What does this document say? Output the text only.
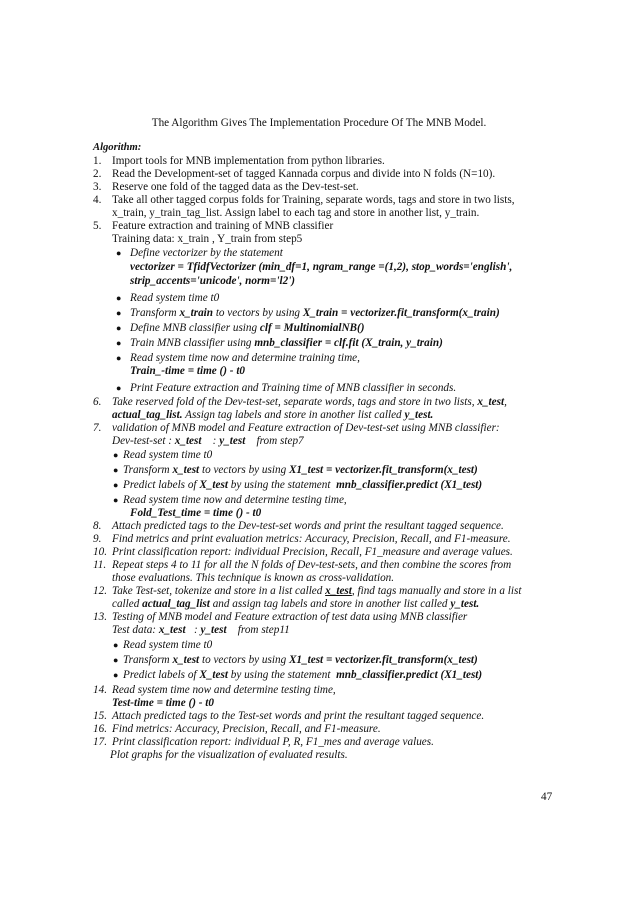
The Algorithm Gives The Implementation Procedure Of The MNB Model.
Algorithm:
1. Import tools for MNB implementation from python libraries.
2. Read the Development-set of tagged Kannada corpus and divide into N folds (N=10).
3. Reserve one fold of the tagged data as the Dev-test-set.
4. Take all other tagged corpus folds for Training, separate words, tags and store in two lists,
x_train, y_train_tag_list. Assign label to each tag and store in another list, y_train.
5. Feature extraction and training of MNB classifier
Training data: x_train , Y_train from step5
● Define vectorizer by the statement
vectorizer = TfidfVectorizer (min_df=1, ngram_range =(1,2), stop_words='english',
strip_accents='unicode', norm='l2')
● Read system time t0
● Transform x_train to vectors by using X_train = vectorizer.fit_transform(x_train)
● Define MNB classifier using clf = MultinomialNB()
● Train MNB classifier using mnb_classifier = clf.fit (X_train, y_train)
● Read system time now and determine training time,
Train_-time = time () - t0
● Print Feature extraction and Training time of MNB classifier in seconds.
6. Take reserved fold of the Dev-test-set, separate words, tags and store in two lists, x_test,
actual_tag_list. Assign tag labels and store in another list called y_test.
7. validation of MNB model and Feature extraction of Dev-test-set using MNB classifier:
Dev-test-set : x_test    : y_test    from step7
● Read system time t0
● Transform x_test to vectors by using X1_test = vectorizer.fit_transform(x_test)
● Predict labels of X_test by using the statement  mnb_classifier.predict (X1_test)
● Read system time now and determine testing time,
Fold_Test_time = time () - t0
8. Attach predicted tags to the Dev-test-set words and print the resultant tagged sequence.
9. Find metrics and print evaluation metrics: Accuracy, Precision, Recall, and F1-measure.
10. Print classification report: individual Precision, Recall, F1_measure and average values.
11. Repeat steps 4 to 11 for all the N folds of Dev-test-sets, and then combine the scores from
those evaluations. This technique is known as cross-validation.
12. Take Test-set, tokenize and store in a list called x_test, find tags manually and store in a list
called actual_tag_list and assign tag labels and store in another list called y_test.
13. Testing of MNB model and Feature extraction of test data using MNB classifier
Test data: x_test   : y_test    from step11
● Read system time t0
● Transform x_test to vectors by using X1_test = vectorizer.fit_transform(x_test)
● Predict labels of X_test by using the statement  mnb_classifier.predict (X1_test)
14. Read system time now and determine testing time,
Test-time = time () - t0
15. Attach predicted tags to the Test-set words and print the resultant tagged sequence.
16. Find metrics: Accuracy, Precision, Recall, and F1-measure.
17. Print classification report: individual P, R, F1_mes and average values.
Plot graphs for the visualization of evaluated results.
47
